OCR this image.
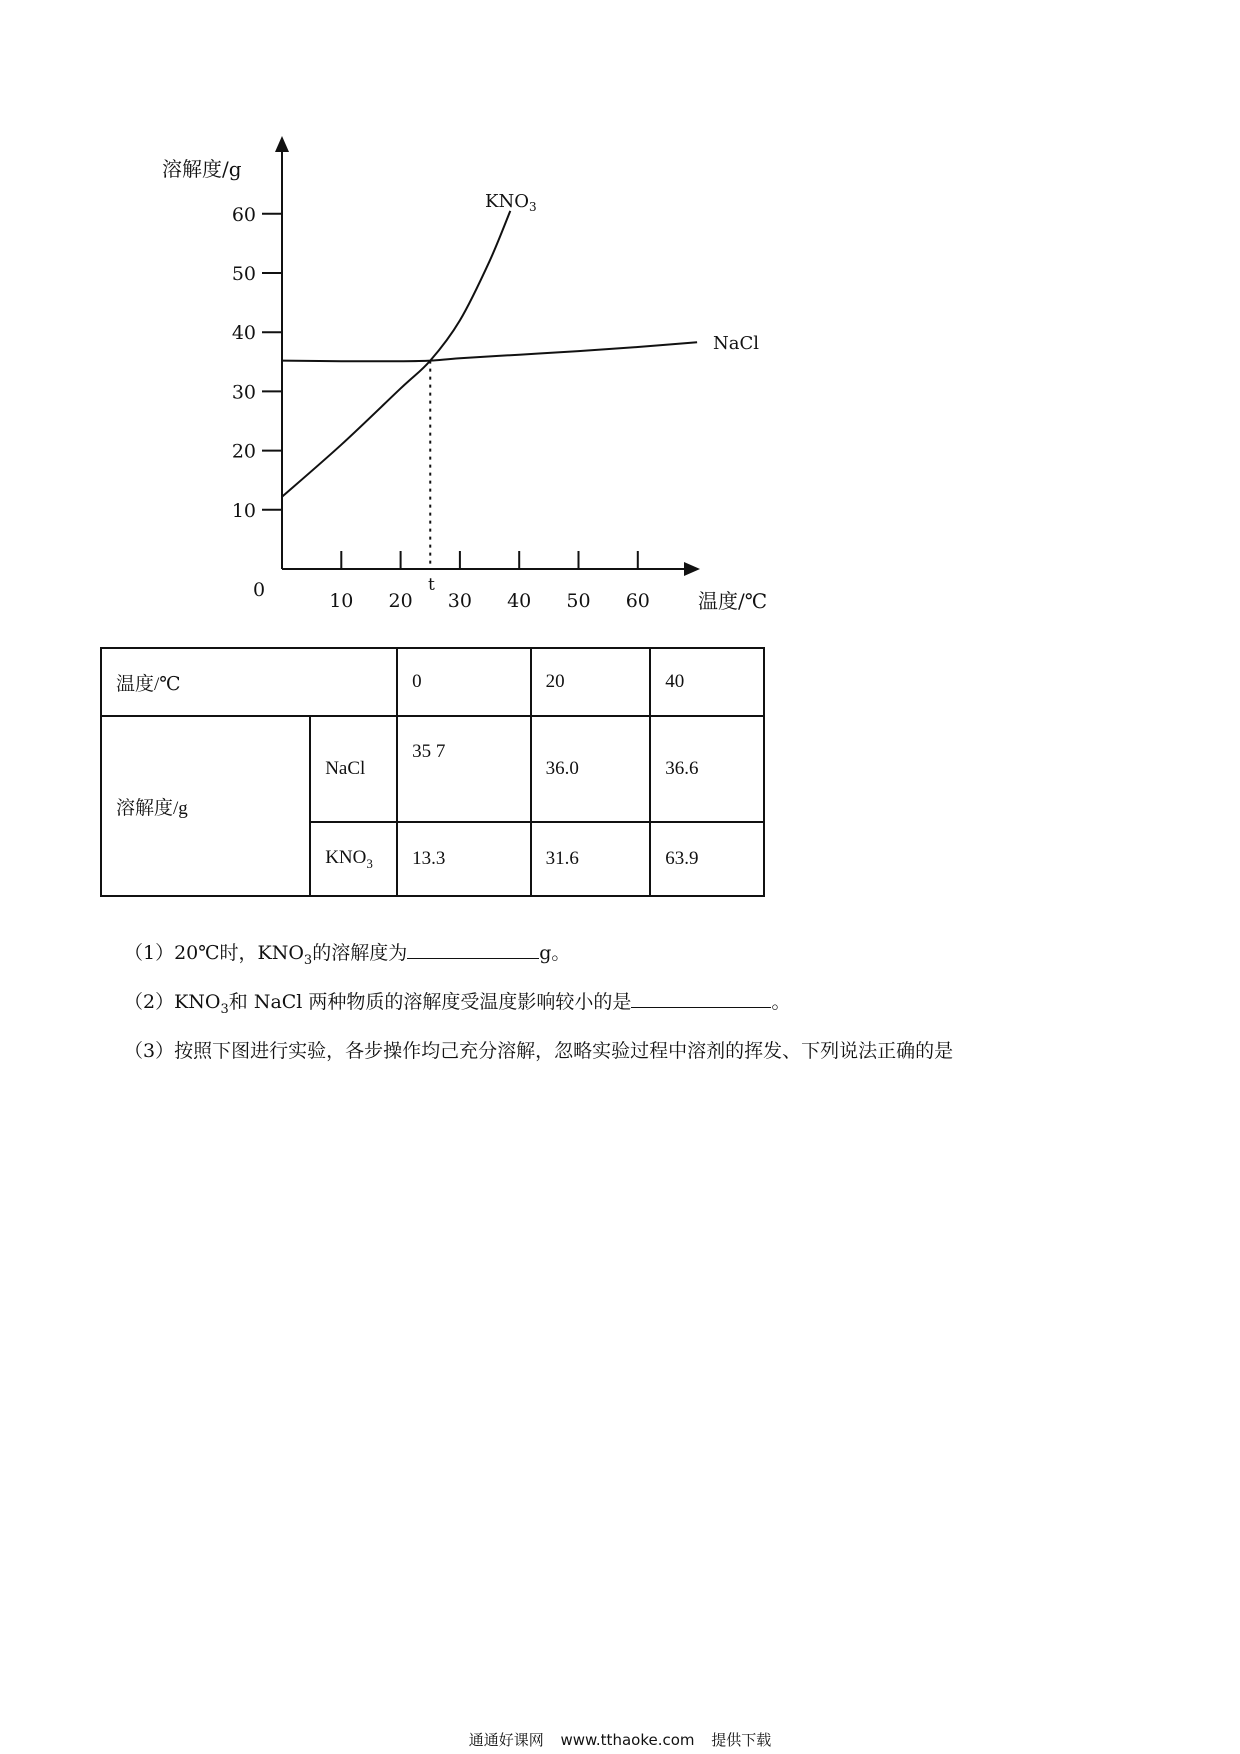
10
20
30
40
50
60
10 20 30 40 50 60
溶解度/g
温度/℃
0	t
$KNO_3$
NaCl
温度/℃		0	20	40
溶解度/g	NaCl	35 7	36.0	36.6
	$KNO_3$	13.3	31.6	63.9
（1）20℃时，$KNO_3$的溶解度为	g。
$(2)KNO_3$和 NaCl 两种物质的溶解度受温度影响较小的是	。
（3）按照下图进行实验，各步操作均己充分溶解，忽略实验过程中溶剂的挥发、下列说法正确的是
通通好课网 www.tthaoke.com 提供下载
